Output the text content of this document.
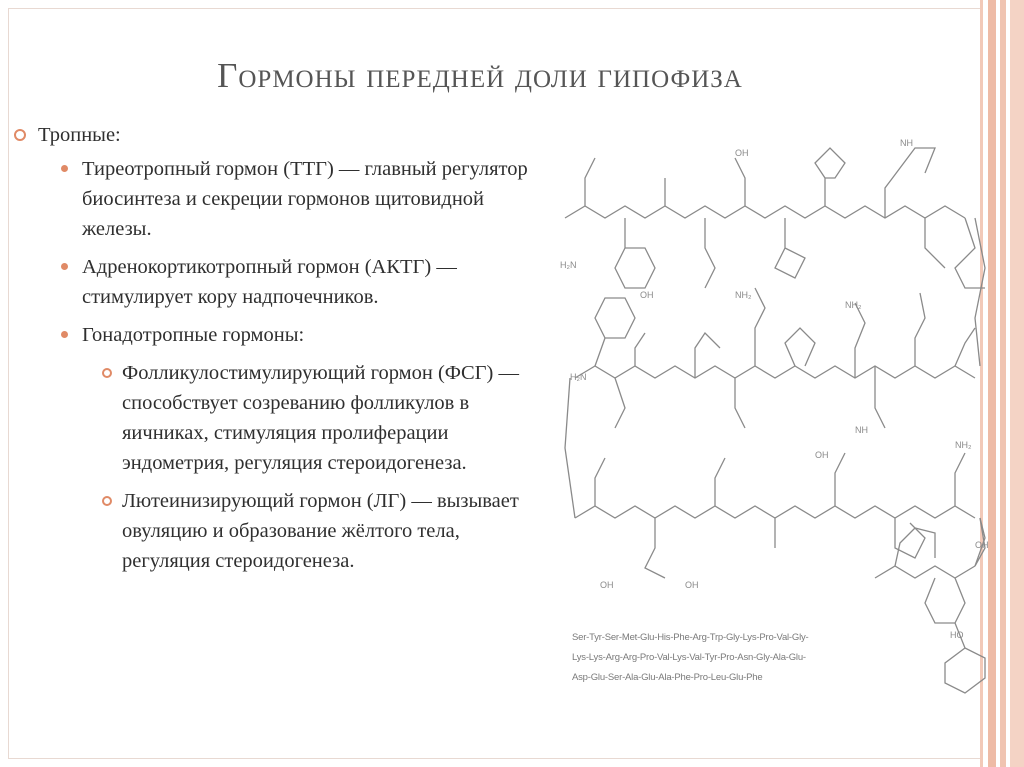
Гормоны передней доли гипофиза
Тропные:
Тиреотропный гормон (ТТГ) — главный регулятор биосинтеза и секреции гормонов щитовидной железы.
Адренокортикотропный гормон (АКТГ) — стимулирует кору надпочечников.
Гонадотропные гормоны:
Фолликулостимулирующий гормон (ФСГ) — способствует созреванию фолликулов в яичниках, стимуляция пролиферации эндометрия, регуляция стероидогенеза.
Лютеинизирующий гормон (ЛГ) — вызывает овуляцию и образование жёлтого тела, регуляция стероидогенеза.
OH
NH
H₂N
OH	NH₂
NH₂
H₂N
NH
NH₂
OH
OH	OH
OH
HO
Ser-Tyr-Ser-Met-Glu-His-Phe-Arg-Trp-Gly-Lys-Pro-Val-Gly-
Lys-Lys-Arg-Arg-Pro-Val-Lys-Val-Tyr-Pro-Asn-Gly-Ala-Glu-
Asp-Glu-Ser-Ala-Glu-Ala-Phe-Pro-Leu-Glu-Phe
